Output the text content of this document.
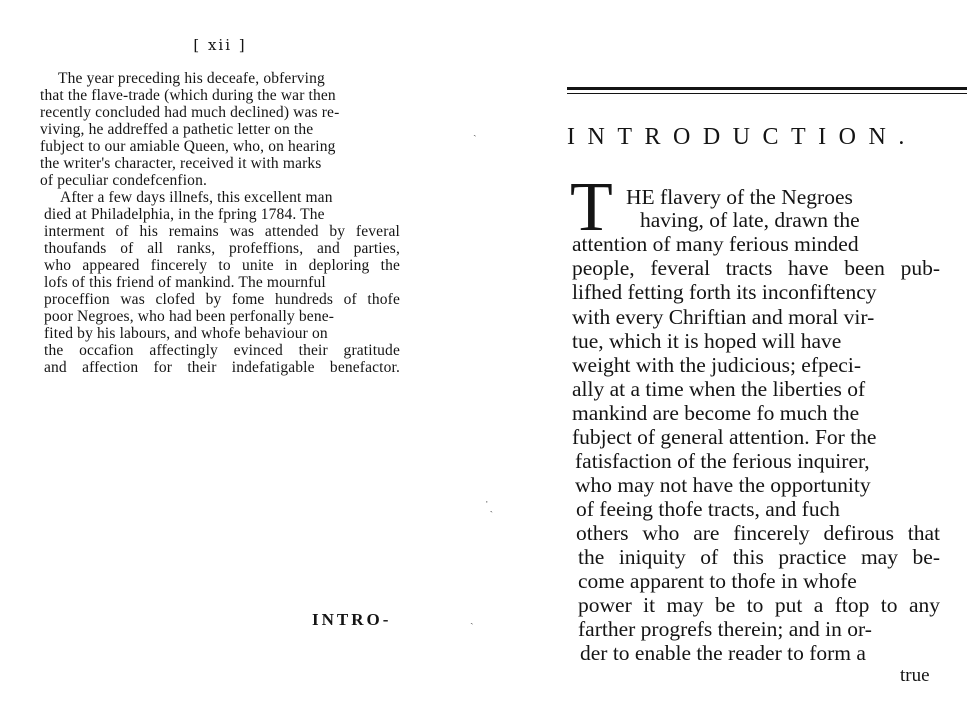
[ xii ]
The year preceding his deceafe, obferving
that the flave-trade (which during the war then
recently concluded had much declined) was re-
viving, he addreffed a pathetic letter on the
fubject to our amiable Queen, who, on hearing
the writer's character, received it with marks
of peculiar condefcenfion.
After a few days illnefs, this excellent man
died at Philadelphia, in the fpring 1784. The
interment of his remains was attended by feveral
thoufands of all ranks, profeffions, and parties,
who appeared fincerely to unite in deploring the
lofs of this friend of mankind. The mournful
proceffion was clofed by fome hundreds of thofe
poor Negroes, who had been perfonally bene-
fited by his labours, and whofe behaviour on
the occafion affectingly evinced their gratitude
and affection for their indefatigable benefactor.
INTRO-
ˎ
˙ˎ
ˏ
INTRODUCTION.
T HE flavery of the Negroes
having, of late, drawn the
attention of many ferious minded
people, feveral tracts have been pub-
lifhed fetting forth its inconfiftency
with every Chriftian and moral vir-
tue, which it is hoped will have
weight with the judicious; efpeci-
ally at a time when the liberties of
mankind are become fo much the
fubject of general attention. For the
fatisfaction of the ferious inquirer,
who may not have the opportunity
of feeing thofe tracts, and fuch
others who are fincerely defirous that
the iniquity of this practice may be-
come apparent to thofe in whofe
power it may be to put a ftop to any
farther progrefs therein; and in or-
der to enable the reader to form a
true
